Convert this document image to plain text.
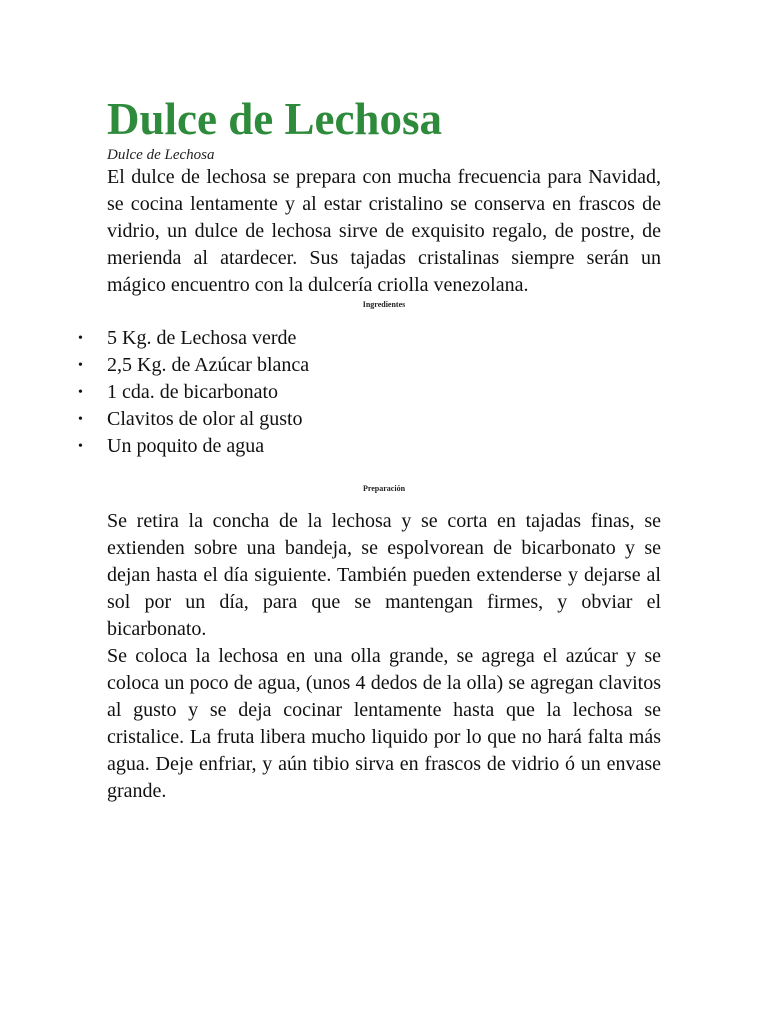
Dulce de Lechosa

Dulce de Lechosa

El dulce de lechosa se prepara con mucha frecuencia para Navidad, se cocina lentamente y al estar cristalino se conserva en frascos de vidrio, un dulce de lechosa sirve de exquisito regalo, de postre, de merienda al atardecer. Sus tajadas cristalinas siempre serán un mágico encuentro con la dulcería criolla venezolana.

Ingredientes

• 5 Kg. de Lechosa verde
• 2,5 Kg. de Azúcar blanca
• 1 cda. de bicarbonato
• Clavitos de olor al gusto
• Un poquito de agua

Preparación

Se retira la concha de la lechosa y se corta en tajadas finas, se extienden sobre una bandeja, se espolvorean de bicarbonato y se dejan hasta el día siguiente. También pueden extenderse y dejarse al sol por un día, para que se mantengan firmes, y obviar el bicarbonato.
Se coloca la lechosa en una olla grande, se agrega el azúcar y se coloca un poco de agua, (unos 4 dedos de la olla) se agregan clavitos al gusto y se deja cocinar lentamente hasta que la lechosa se cristalice. La fruta libera mucho liquido por lo que no hará falta más agua. Deje enfriar, y aún tibio sirva en frascos de vidrio ó un envase grande.
